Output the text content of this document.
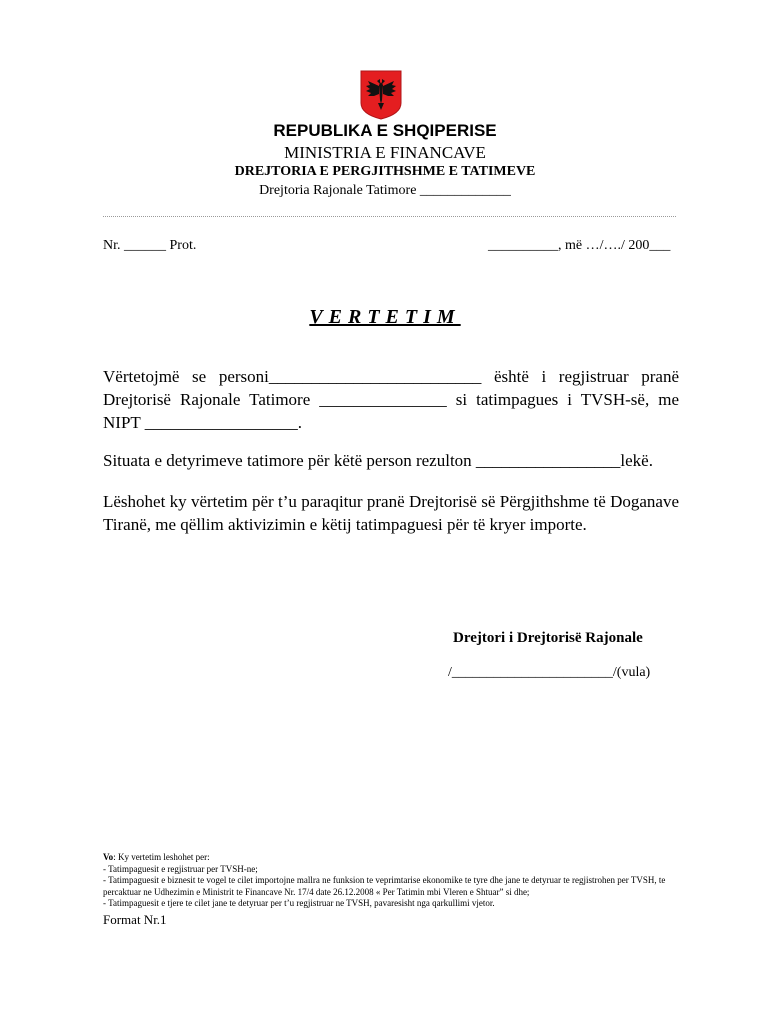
REPUBLIKA E SHQIPERISE
MINISTRIA E FINANCAVE
DREJTORIA E PERGJITHSHME E TATIMEVE
Drejtoria Rajonale Tatimore _____________
Nr. ______ Prot.	__________, më …/…./ 200___
VERTETIM
Vërtetojmë se personi_________________________ është i regjistruar pranë Drejtorisë Rajonale Tatimore _______________ si tatimpagues i TVSH-së, me NIPT __________________.
Situata e detyrimeve tatimore për këtë person rezulton _________________lekë.
Lëshohet ky vërtetim për t’u paraqitur pranë Drejtorisë së Përgjithshme të Doganave Tiranë, me qëllim aktivizimin e këtij tatimpaguesi për të kryer importe.
Drejtori i Drejtorisë Rajonale
/_______________________/(vula)
Vo: Ky vertetim leshohet per:
- Tatimpaguesit e regjistruar per TVSH-ne;
- Tatimpaguesit e biznesit te vogel te cilet importojne mallra ne funksion te veprimtarise ekonomike te tyre dhe jane te detyruar te regjistrohen per TVSH, te percaktuar ne Udhezimin e Ministrit te Financave Nr. 17/4 date 26.12.2008 « Per Tatimin mbi Vleren e Shtuar” si dhe;
- Tatimpaguesit e tjere te cilet jane te detyruar per t’u regjistruar ne TVSH, pavaresisht nga qarkullimi vjetor.
Format Nr.1
